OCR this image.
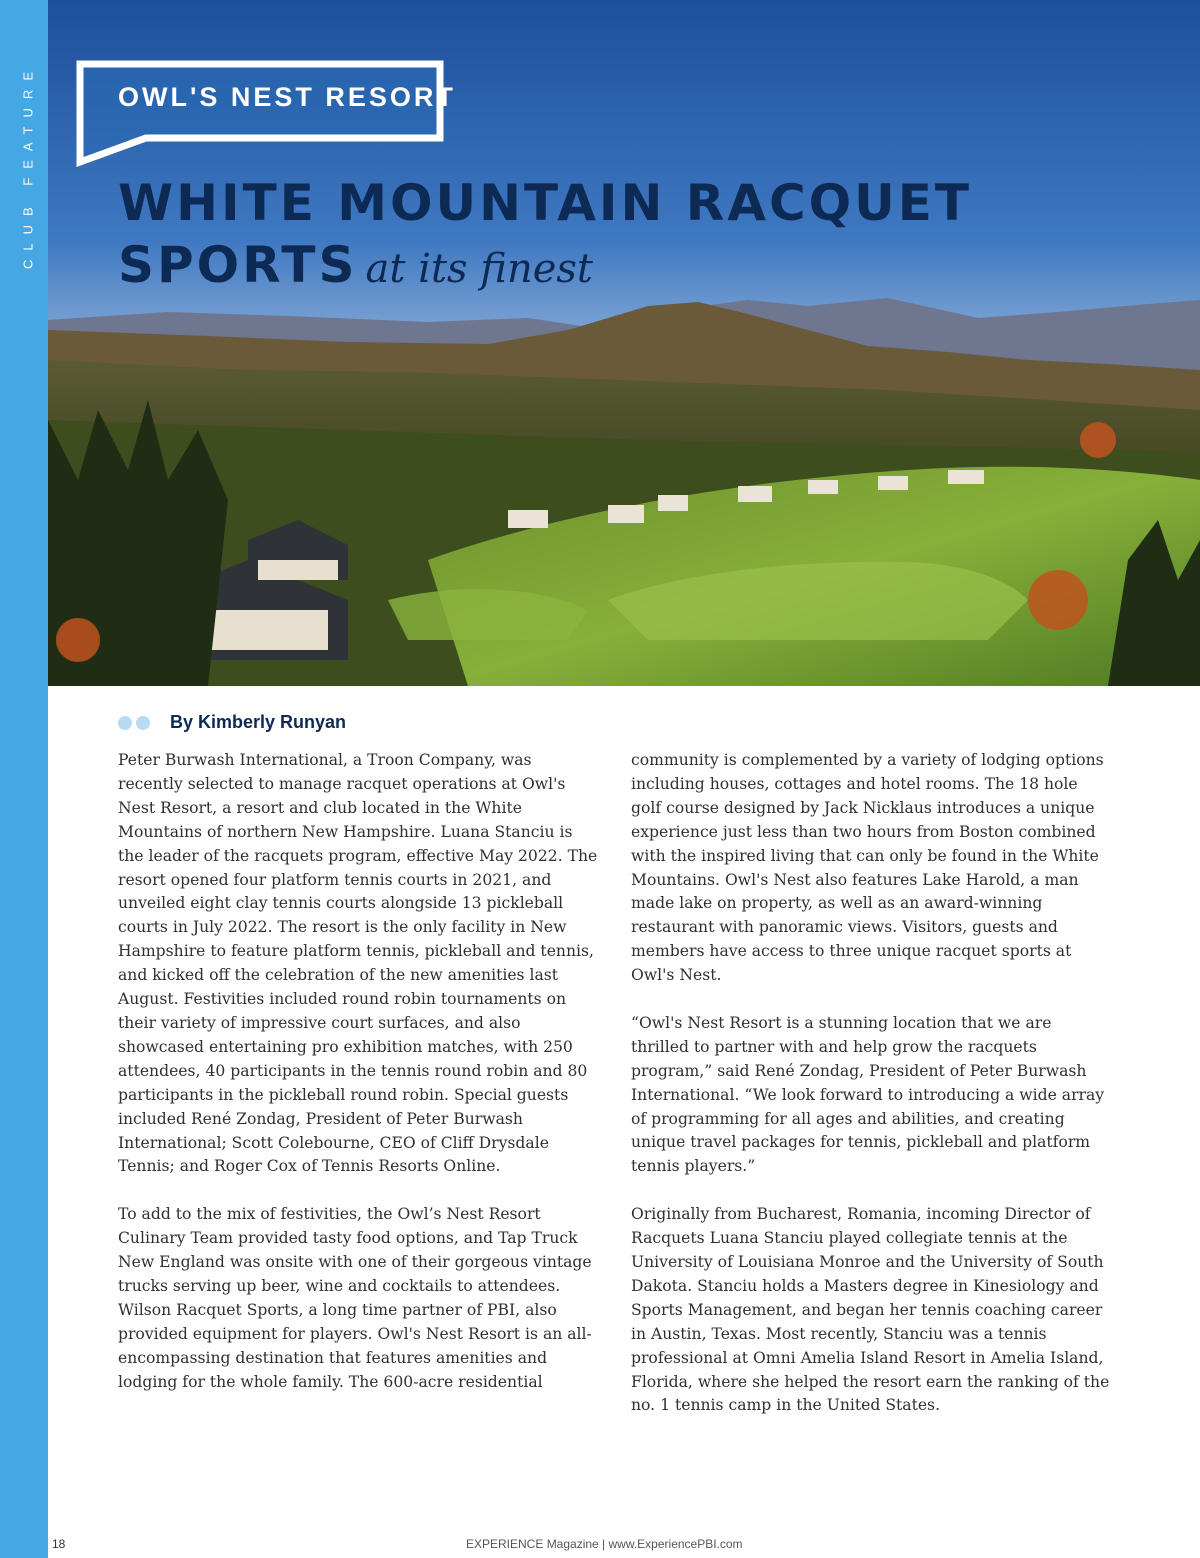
CLUB FEATURE	OWL'S NEST RESORT
WHITE MOUNTAIN RACQUET
SPORTS at its finest
By Kimberly Runyan

Peter Burwash International, a Troon Company, was recently selected to manage racquet operations at Owl's Nest Resort, a resort and club located in the White Mountains of northern New Hampshire. Luana Stanciu is the leader of the racquets program, effective May 2022. The resort opened four platform tennis courts in 2021, and unveiled eight clay tennis courts alongside 13 pickleball courts in July 2022. The resort is the only facility in New Hampshire to feature platform tennis, pickleball and tennis, and kicked off the celebration of the new amenities last August. Festivities included round robin tournaments on their variety of impressive court surfaces, and also showcased entertaining pro exhibition matches, with 250 attendees, 40 participants in the tennis round robin and 80 participants in the pickleball round robin. Special guests included René Zondag, President of Peter Burwash International; Scott Colebourne, CEO of Cliff Drysdale Tennis; and Roger Cox of Tennis Resorts Online.

To add to the mix of festivities, the Owl’s Nest Resort Culinary Team provided tasty food options, and Tap Truck New England was onsite with one of their gorgeous vintage trucks serving up beer, wine and cocktails to attendees. Wilson Racquet Sports, a long time partner of PBI, also provided equipment for players. Owl's Nest Resort is an all-encompassing destination that features amenities and lodging for the whole family. The 600-acre residential

community is complemented by a variety of lodging options including houses, cottages and hotel rooms. The 18 hole golf course designed by Jack Nicklaus introduces a unique experience just less than two hours from Boston combined with the inspired living that can only be found in the White Mountains. Owl's Nest also features Lake Harold, a man made lake on property, as well as an award-winning restaurant with panoramic views. Visitors, guests and members have access to three unique racquet sports at Owl's Nest.

“Owl's Nest Resort is a stunning location that we are thrilled to partner with and help grow the racquets program,” said René Zondag, President of Peter Burwash International. “We look forward to introducing a wide array of programming for all ages and abilities, and creating unique travel packages for tennis, pickleball and platform tennis players.”

Originally from Bucharest, Romania, incoming Director of Racquets Luana Stanciu played collegiate tennis at the University of Louisiana Monroe and the University of South Dakota. Stanciu holds a Masters degree in Kinesiology and Sports Management, and began her tennis coaching career in Austin, Texas. Most recently, Stanciu was a tennis professional at Omni Amelia Island Resort in Amelia Island, Florida, where she helped the resort earn the ranking of the no. 1 tennis camp in the United States.

18	EXPERIENCE Magazine | www.ExperiencePBI.com
